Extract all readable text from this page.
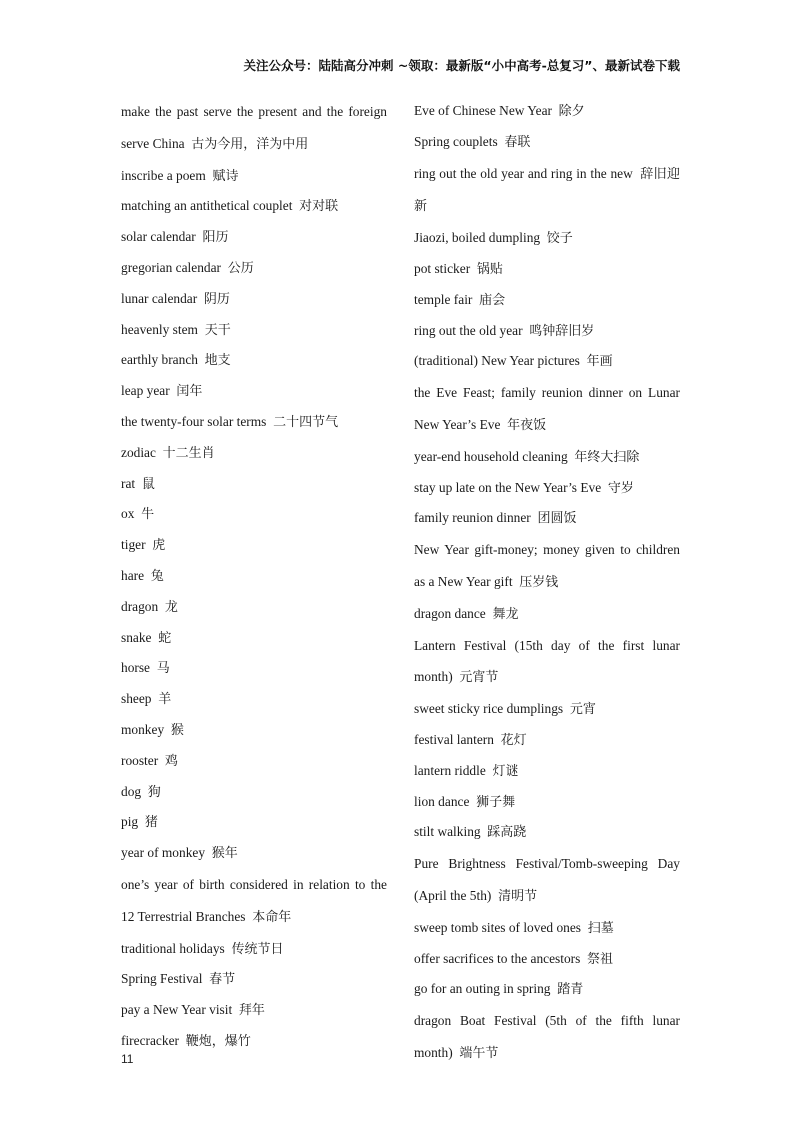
关注公众号：陆陆高分冲刺 ~领取：最新版“小中高考-总复习”、最新试卷下载
make the past serve the present and the foreign serve China 古为今用，洋为中用
inscribe a poem 赋诗
matching an antithetical couplet 对对联
solar calendar 阳历
gregorian calendar 公历
lunar calendar 阴历
heavenly stem 天干
earthly branch 地支
leap year 闰年
the twenty-four solar terms 二十四节气
zodiac 十二生肖
rat 鼠
ox 牛
tiger 虎
hare 兔
dragon 龙
snake 蛇
horse 马
sheep 羊
monkey 猴
rooster 鸡
dog 狗
pig 猪
year of monkey 猴年
one’s year of birth considered in relation to the 12 Terrestrial Branches 本命年
traditional holidays 传统节日
Spring Festival 春节
pay a New Year visit 拜年
firecracker 鞭炮，爆竹
Eve of Chinese New Year 除夕
Spring couplets 春联
ring out the old year and ring in the new 辞旧迎新
Jiaozi, boiled dumpling 饺子
pot sticker 锅贴
temple fair 庙会
ring out the old year 鸣钟辞旧岁
(traditional) New Year pictures 年画
the Eve Feast; family reunion dinner on Lunar New Year’s Eve 年夜饭
year-end household cleaning 年终大扫除
stay up late on the New Year’s Eve 守岁
family reunion dinner 团圆饭
New Year gift-money; money given to children as a New Year gift 压岁钱
dragon dance 舞龙
Lantern Festival (15th day of the first lunar month) 元宵节
sweet sticky rice dumplings 元宵
festival lantern 花灯
lantern riddle 灯谜
lion dance 狮子舞
stilt walking 踩高跷
Pure Brightness Festival/Tomb-sweeping Day (April the 5th) 清明节
sweep tomb sites of loved ones 扫墓
offer sacrifices to the ancestors 祭祖
go for an outing in spring 踏青
dragon Boat Festival (5th of the fifth lunar month) 端午节
11
